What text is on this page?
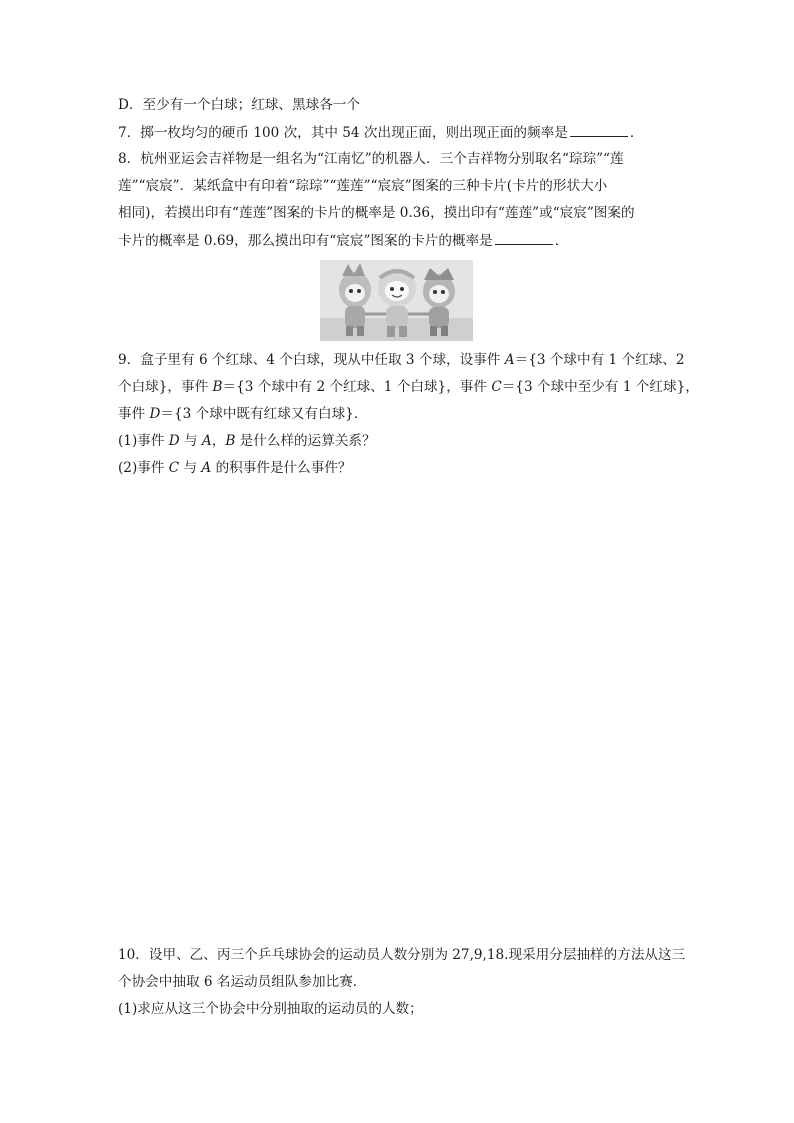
D．至少有一个白球；红球、黑球各一个
7．掷一枚均匀的硬币 100 次，其中 54 次出现正面，则出现正面的频率是	．
8．杭州亚运会吉祥物是一组名为“江南忆”的机器人．三个吉祥物分别取名“琮琮”“莲
莲”“宸宸”．某纸盒中有印着“琮琮”“莲莲”“宸宸”图案的三种卡片(卡片的形状大小
相同)，若摸出印有“莲莲”图案的卡片的概率是 0.36，摸出印有“莲莲”或“宸宸”图案的
卡片的概率是 0.69，那么摸出印有“宸宸”图案的卡片的概率是	．
9．盒子里有 6 个红球、4 个白球，现从中任取 3 个球，设事件 A＝{3 个球中有 1 个红球、2
个白球}，事件 B＝{3 个球中有 2 个红球、1 个白球}，事件 C＝{3 个球中至少有 1 个红球}，
事件 D＝{3 个球中既有红球又有白球}．
(1)事件 D 与 A，B 是什么样的运算关系？
(2)事件 C 与 A 的积事件是什么事件？
10．设甲、乙、丙三个乒乓球协会的运动员人数分别为 27,9,18.现采用分层抽样的方法从这三
个协会中抽取 6 名运动员组队参加比赛．
(1)求应从这三个协会中分别抽取的运动员的人数；
